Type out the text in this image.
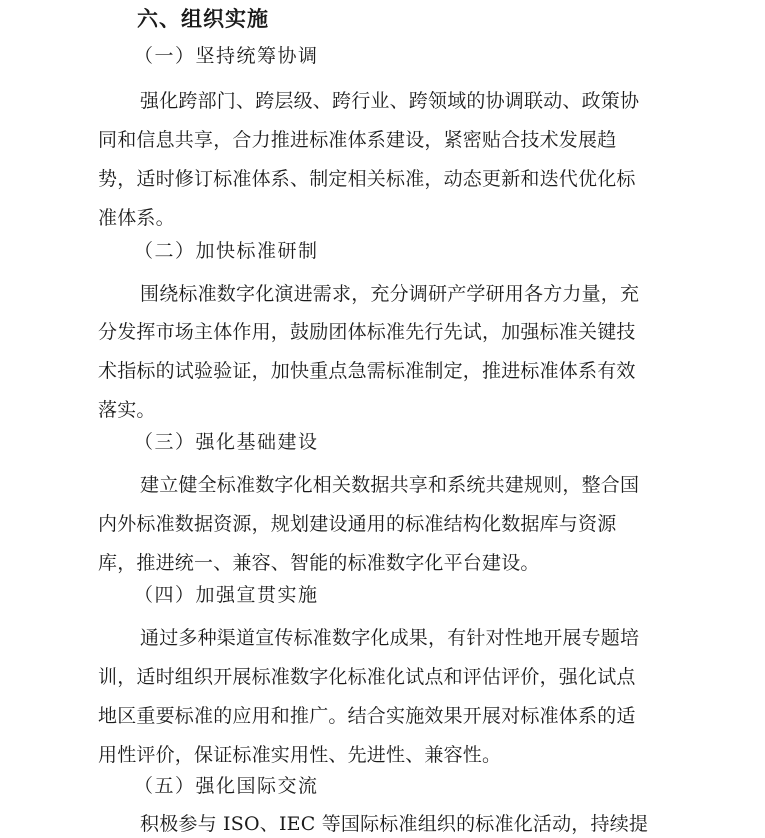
六、组织实施
（一）坚持统筹协调
强化跨部门、跨层级、跨行业、跨领域的协调联动、政策协
同和信息共享，合力推进标准体系建设，紧密贴合技术发展趋
势，适时修订标准体系、制定相关标准，动态更新和迭代优化标
准体系。
（二）加快标准研制
围绕标准数字化演进需求，充分调研产学研用各方力量，充
分发挥市场主体作用，鼓励团体标准先行先试，加强标准关键技
术指标的试验验证，加快重点急需标准制定，推进标准体系有效
落实。
（三）强化基础建设
建立健全标准数字化相关数据共享和系统共建规则，整合国
内外标准数据资源，规划建设通用的标准结构化数据库与资源
库，推进统一、兼容、智能的标准数字化平台建设。
（四）加强宣贯实施
通过多种渠道宣传标准数字化成果，有针对性地开展专题培
训，适时组织开展标准数字化标准化试点和评估评价，强化试点
地区重要标准的应用和推广。结合实施效果开展对标准体系的适
用性评价，保证标准实用性、先进性、兼容性。
（五）强化国际交流
积极参与 ISO、IEC 等国际标准组织的标准化活动，持续提
